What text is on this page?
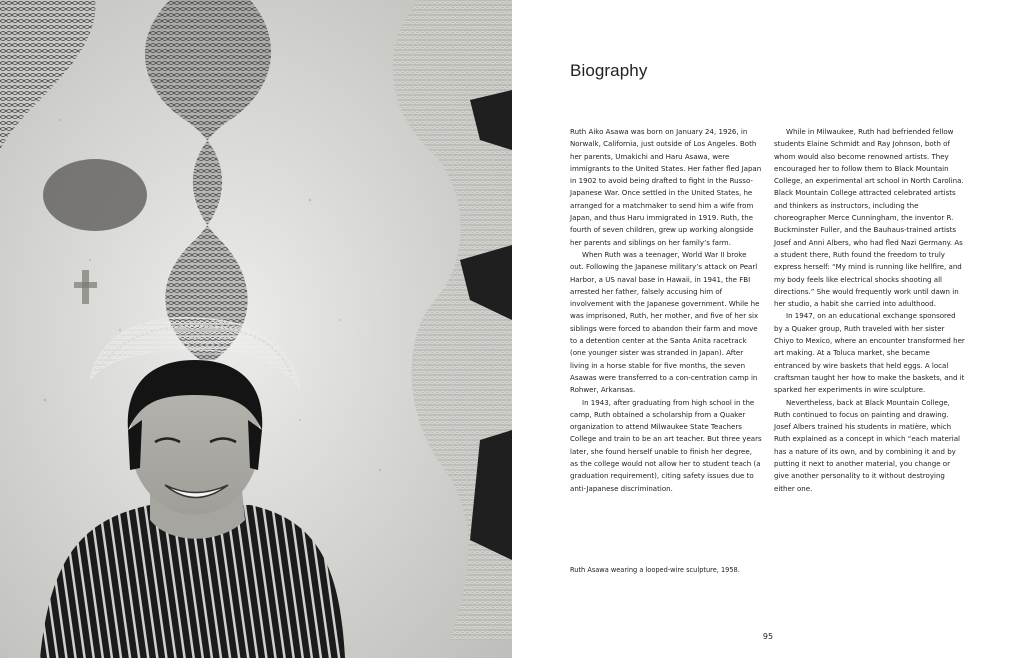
Biography

Ruth Aiko Asawa was born on January 24, 1926, in Norwalk, California, just outside of Los Angeles. Both her parents, Umakichi and Haru Asawa, were immigrants to the United States. Her father fled Japan in 1902 to avoid being drafted to fight in the Russo-Japanese War. Once settled in the United States, he arranged for a matchmaker to send him a wife from Japan, and thus Haru immigrated in 1919. Ruth, the fourth of seven children, grew up working alongside her parents and siblings on her family’s farm.

When Ruth was a teenager, World War II broke out. Following the Japanese military’s attack on Pearl Harbor, a US naval base in Hawaii, in 1941, the FBI arrested her father, falsely accusing him of involvement with the Japanese government. While he was imprisoned, Ruth, her mother, and five of her six siblings were forced to abandon their farm and move to a detention center at the Santa Anita racetrack (one younger sister was stranded in Japan). After living in a horse stable for five months, the seven Asawas were transferred to a con-centration camp in Rohwer, Arkansas.

In 1943, after graduating from high school in the camp, Ruth obtained a scholarship from a Quaker organization to attend Milwaukee State Teachers College and train to be an art teacher. But three years later, she found herself unable to finish her degree, as the college would not allow her to student teach (a graduation requirement), citing safety issues due to anti-Japanese discrimination.

While in Milwaukee, Ruth had befriended fellow students Elaine Schmidt and Ray Johnson, both of whom would also become renowned artists. They encouraged her to follow them to Black Mountain College, an experimental art school in North Carolina. Black Mountain College attracted celebrated artists and thinkers as instructors, including the choreographer Merce Cunningham, the inventor R. Buckminster Fuller, and the Bauhaus-trained artists Josef and Anni Albers, who had fled Nazi Germany. As a student there, Ruth found the freedom to truly express herself: “My mind is running like hellfire, and my body feels like electrical shocks shooting all directions.” She would frequently work until dawn in her studio, a habit she carried into adulthood.

In 1947, on an educational exchange sponsored by a Quaker group, Ruth traveled with her sister Chiyo to Mexico, where an encounter transformed her art making. At a Toluca market, she became entranced by wire baskets that held eggs. A local craftsman taught her how to make the baskets, and it sparked her experiments in wire sculpture.

Nevertheless, back at Black Mountain College, Ruth continued to focus on painting and drawing. Josef Albers trained his students in matière, which Ruth explained as a concept in which “each material has a nature of its own, and by combining it and by putting it next to another material, you change or give another personality to it without destroying either one.

Ruth Asawa wearing a looped-wire sculpture, 1958.
95
